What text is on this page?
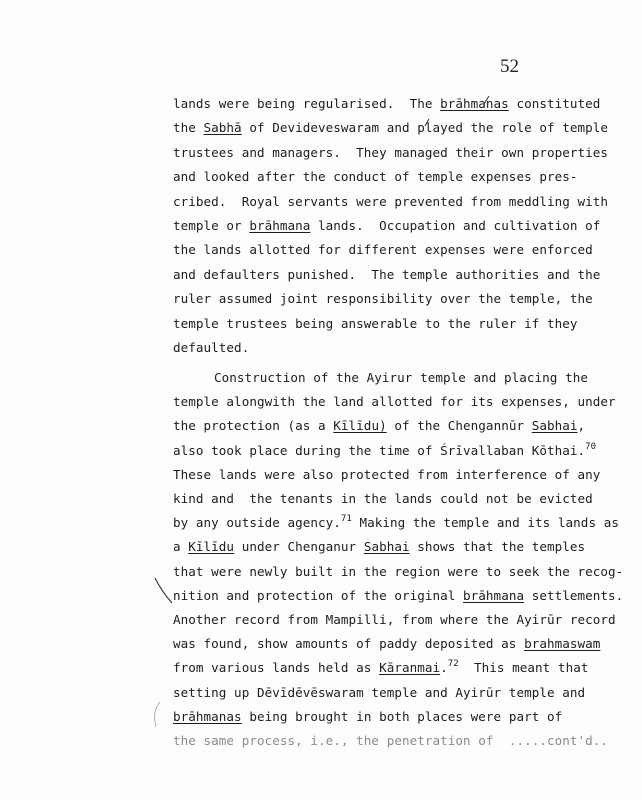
52
lands were being regularised.  The brāhmanas constituted
the Sabhā of Devideveswaram and played the role of temple
trustees and managers.  They managed their own properties
and looked after the conduct of temple expenses pres-
cribed.  Royal servants were prevented from meddling with
temple or brāhmana lands.  Occupation and cultivation of
the lands allotted for different expenses were enforced
and defaulters punished.  The temple authorities and the
ruler assumed joint responsibility over the temple, the
temple trustees being answerable to the ruler if they
defaulted.
Construction of the Ayirur temple and placing the
temple alongwith the land allotted for its expenses, under
the protection (as a Kīlīdu) of the Chengannūr Sabhai,
also took place during the time of Śrīvallaban Kōthai.$^{70}$
These lands were also protected from interference of any
kind and  the tenants in the lands could not be evicted
by any outside agency.$^{71}$ Making the temple and its lands as
a Kīlīdu under Chenganur Sabhai shows that the temples
that were newly built in the region were to seek the recog-
nition and protection of the original brāhmana settlements.
Another record from Mampilli, from where the Ayirūr record
was found, show amounts of paddy deposited as brahmaswam
from various lands held as Kāranmai.$^{72}$  This meant that
setting up Dēvīdēvēswaram temple and Ayirūr temple and
brāhmanas being brought in both places were part of
the same process, i.e., the penetration of  .....cont'd..
